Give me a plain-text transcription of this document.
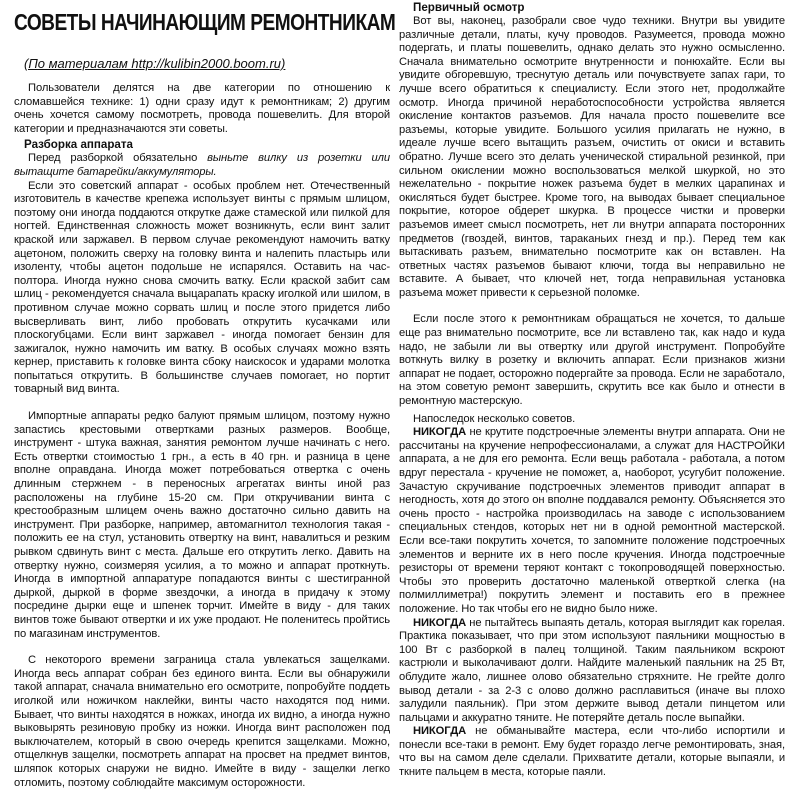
СОВЕТЫ НАЧИНАЮЩИМ РЕМОНТНИКАМ
(По материалам http://kulibin2000.boom.ru)

Пользователи делятся на две категории по отношению к сломавшейся технике: 1) одни сразу идут к ремонтникам; 2) другим очень хочется самому посмотреть, провода пошевелить. Для второй категории и предназначаются эти советы.

Разборка аппарата

Перед разборкой обязательно выньте вилку из розетки или вытащите батарейки/аккумуляторы.

Если это советский аппарат - особых проблем нет. Отечественный изготовитель в качестве крепежа использует винты с прямым шлицом, поэтому они иногда поддаются открутке даже стамеской или пилкой для ногтей. Единственная сложность может возникнуть, если винт залит краской или заржавел. В первом случае рекомендуют намочить ватку ацетоном, положить сверху на головку винта и налепить пластырь или изоленту, чтобы ацетон подольше не испарялся. Оставить на час-полтора. Иногда нужно снова смочить ватку. Если краской забит сам шлиц - рекомендуется сначала выцарапать краску иголкой или шилом, в противном случае можно сорвать шлиц и после этого придется либо высверливать винт, либо пробовать открутить кусачками или плоскогубцами. Если винт заржавел - иногда помогает бензин для зажигалок, нужно намочить им ватку. В особых случаях можно взять кернер, приставить к головке винта сбоку наискосок и ударами молотка попытаться открутить. В большинстве случаев помогает, но портит товарный вид винта.

Импортные аппараты редко балуют прямым шлицом, поэтому нужно запастись крестовыми отвертками разных размеров. Вообще, инструмент - штука важная, занятия ремонтом лучше начинать с него. Есть отвертки стоимостью 1 грн., а есть в 40 грн. и разница в цене вполне оправдана. Иногда может потребоваться отвертка с очень длинным стержнем - в переносных агрегатах винты иной раз расположены на глубине 15-20 см. При откручивании винта с крестообразным шлицем очень важно достаточно сильно давить на инструмент. При разборке, например, автомагнитол технология такая - положить ее на стул, установить отвертку на винт, навалиться и резким рывком сдвинуть винт с места. Дальше его открутить легко. Давить на отвертку нужно, соизмеряя усилия, а то можно и аппарат проткнуть. Иногда в импортной аппаратуре попадаются винты с шестигранной дыркой, дыркой в форме звездочки, а иногда в придачу к этому посредине дырки еще и шпенек торчит. Имейте в виду - для таких винтов тоже бывают отвертки и их уже продают. Не поленитесь пройтись по магазинам инструментов.

С некоторого времени заграница стала увлекаться защелками. Иногда весь аппарат собран без единого винта. Если вы обнаружили такой аппарат, сначала внимательно его осмотрите, попробуйте поддеть иголкой или ножичком наклейки, винты часто находятся под ними. Бывает, что винты находятся в ножках, иногда их видно, а иногда нужно выковырять резиновую пробку из ножки. Иногда винт расположен под выключателем, который в свою очередь крепится защелками. Можно, отщелкнув защелки, посмотреть аппарат на просвет на предмет винтов, шляпок которых снаружи не видно. Имейте в виду - защелки легко отломить, поэтому соблюдайте максимум осторожности.

Первичный осмотр

Вот вы, наконец, разобрали свое чудо техники. Внутри вы увидите различные детали, платы, кучу проводов. Разумеется, провода можно подергать, и платы пошевелить, однако делать это нужно осмысленно. Сначала внимательно осмотрите внутренности и понюхайте. Если вы увидите обгоревшую, треснутую деталь или почувствуете запах гари, то лучше всего обратиться к специалисту. Если этого нет, продолжайте осмотр. Иногда причиной неработоспособности устройства является окисление контактов разъемов. Для начала просто пошевелите все разъемы, которые увидите. Большого усилия прилагать не нужно, в идеале лучше всего вытащить разъем, очистить от окиси и вставить обратно. Лучше всего это делать ученической стиральной резинкой, при сильном окислении можно воспользоваться мелкой шкуркой, но это нежелательно - покрытие ножек разъема будет в мелких царапинах и окисляться будет быстрее. Кроме того, на выводах бывает специальное покрытие, которое обдерет шкурка. В процессе чистки и проверки разъемов имеет смысл посмотреть, нет ли внутри аппарата посторонних предметов (гвоздей, винтов, тараканьих гнезд и пр.). Перед тем как вытаскивать разъем, внимательно посмотрите как он вставлен. На ответных частях разъемов бывают ключи, тогда вы неправильно не вставите. А бывает, что ключей нет, тогда неправильная установка разъема может привести к серьезной поломке.

Если после этого к ремонтникам обращаться не хочется, то дальше еще раз внимательно посмотрите, все ли вставлено так, как надо и куда надо, не забыли ли вы отвертку или другой инструмент. Попробуйте воткнуть вилку в розетку и включить аппарат. Если признаков жизни аппарат не подает, осторожно подергайте за провода. Если не заработало, на этом советую ремонт завершить, скрутить все как было и отнести в ремонтную мастерскую.

Напоследок несколько советов.

НИКОГДА не крутите подстроечные элементы внутри аппарата. Они не рассчитаны на кручение непрофессионалами, а служат для НАСТРОЙКИ аппарата, а не для его ремонта. Если вещь работала - работала, а потом вдруг перестала - кручение не поможет, а, наоборот, усугубит положение. Зачастую скручивание подстроечных элементов приводит аппарат в негодность, хотя до этого он вполне поддавался ремонту. Объясняется это очень просто - настройка производилась на заводе с использованием специальных стендов, которых нет ни в одной ремонтной мастерской. Если все-таки покрутить хочется, то запомните положение подстроечных элементов и верните их в него после кручения. Иногда подстроечные резисторы от времени теряют контакт с токопроводящей поверхностью. Чтобы это проверить достаточно маленькой отверткой слегка (на полмиллиметра!) покрутить элемент и поставить его в прежнее положение. Но так чтобы его не видно было ниже.

НИКОГДА не пытайтесь выпаять деталь, которая выглядит как горелая. Практика показывает, что при этом используют паяльники мощностью в 100 Вт с разборкой в палец толщиной. Таким паяльником вскроют кастрюли и выколачивают долги. Найдите маленький паяльник на 25 Вт, облудите жало, лишнее олово обязательно стряхните. Не грейте долго вывод детали - за 2-3 с олово должно расплавиться (иначе вы плохо залудили паяльник). При этом держите вывод детали пинцетом или пальцами и аккуратно тяните. Не потеряйте деталь после выпайки.

НИКОГДА не обманывайте мастера, если что-либо испортили и понесли все-таки в ремонт. Ему будет гораздо легче ремонтировать, зная, что вы на самом деле сделали. Прихватите детали, которые выпаяли, и ткните пальцем в места, которые паяли.
